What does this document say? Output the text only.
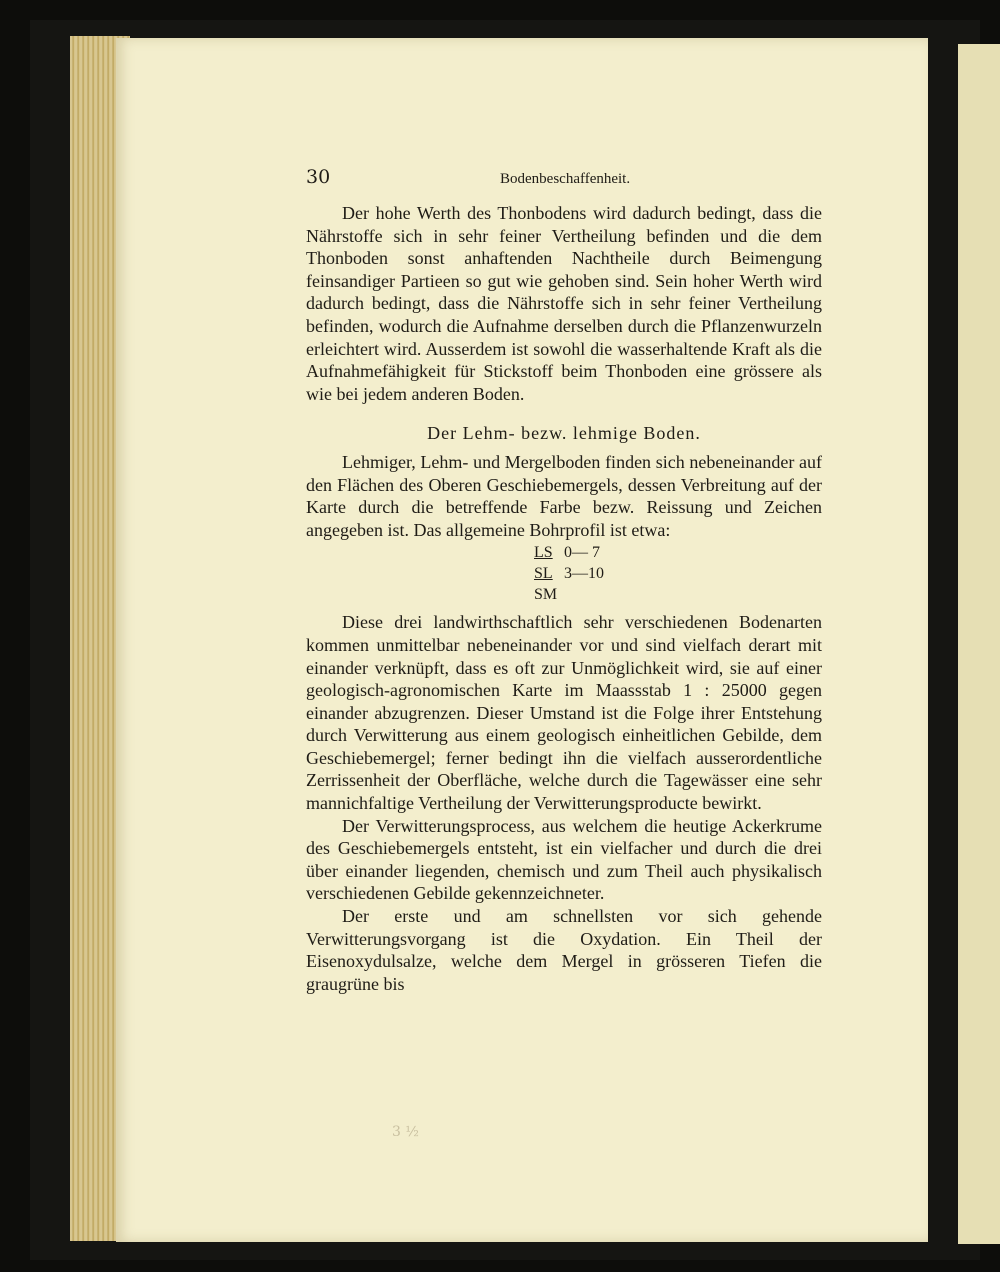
30	Bodenbeschaffenheit.

Der hohe Werth des Thonbodens wird dadurch bedingt, dass die Nährstoffe sich in sehr feiner Vertheilung befinden und die dem Thonboden sonst anhaftenden Nachtheile durch Beimengung feinsandiger Partieen so gut wie gehoben sind. Sein hoher Werth wird dadurch bedingt, dass die Nährstoffe sich in sehr feiner Vertheilung befinden, wodurch die Aufnahme derselben durch die Pflanzenwurzeln erleichtert wird. Ausserdem ist sowohl die wasserhaltende Kraft als die Aufnahmefähigkeit für Stickstoff beim Thonboden eine grössere als wie bei jedem anderen Boden.

Der Lehm- bezw. lehmige Boden.

Lehmiger, Lehm- und Mergelboden finden sich nebeneinander auf den Flächen des Oberen Geschiebemergels, dessen Verbreitung auf der Karte durch die betreffende Farbe bezw. Reissung und Zeichen angegeben ist. Das allgemeine Bohrprofil ist etwa:

LS 0— 7
SL 3—10
SM

Diese drei landwirthschaftlich sehr verschiedenen Bodenarten kommen unmittelbar nebeneinander vor und sind vielfach derart mit einander verknüpft, dass es oft zur Unmöglichkeit wird, sie auf einer geologisch-agronomischen Karte im Maassstab 1 : 25000 gegen einander abzugrenzen. Dieser Umstand ist die Folge ihrer Entstehung durch Verwitterung aus einem geologisch einheitlichen Gebilde, dem Geschiebemergel; ferner bedingt ihn die vielfach ausserordentliche Zerrissenheit der Oberfläche, welche durch die Tagewässer eine sehr mannichfaltige Vertheilung der Verwitterungsproducte bewirkt.

Der Verwitterungsprocess, aus welchem die heutige Ackerkrume des Geschiebemergels entsteht, ist ein vielfacher und durch die drei über einander liegenden, chemisch und zum Theil auch physikalisch verschiedenen Gebilde gekennzeichneter.

Der erste und am schnellsten vor sich gehende Verwitterungsvorgang ist die Oxydation. Ein Theil der Eisenoxydulsalze, welche dem Mergel in grösseren Tiefen die graugrüne bis

3 ½
